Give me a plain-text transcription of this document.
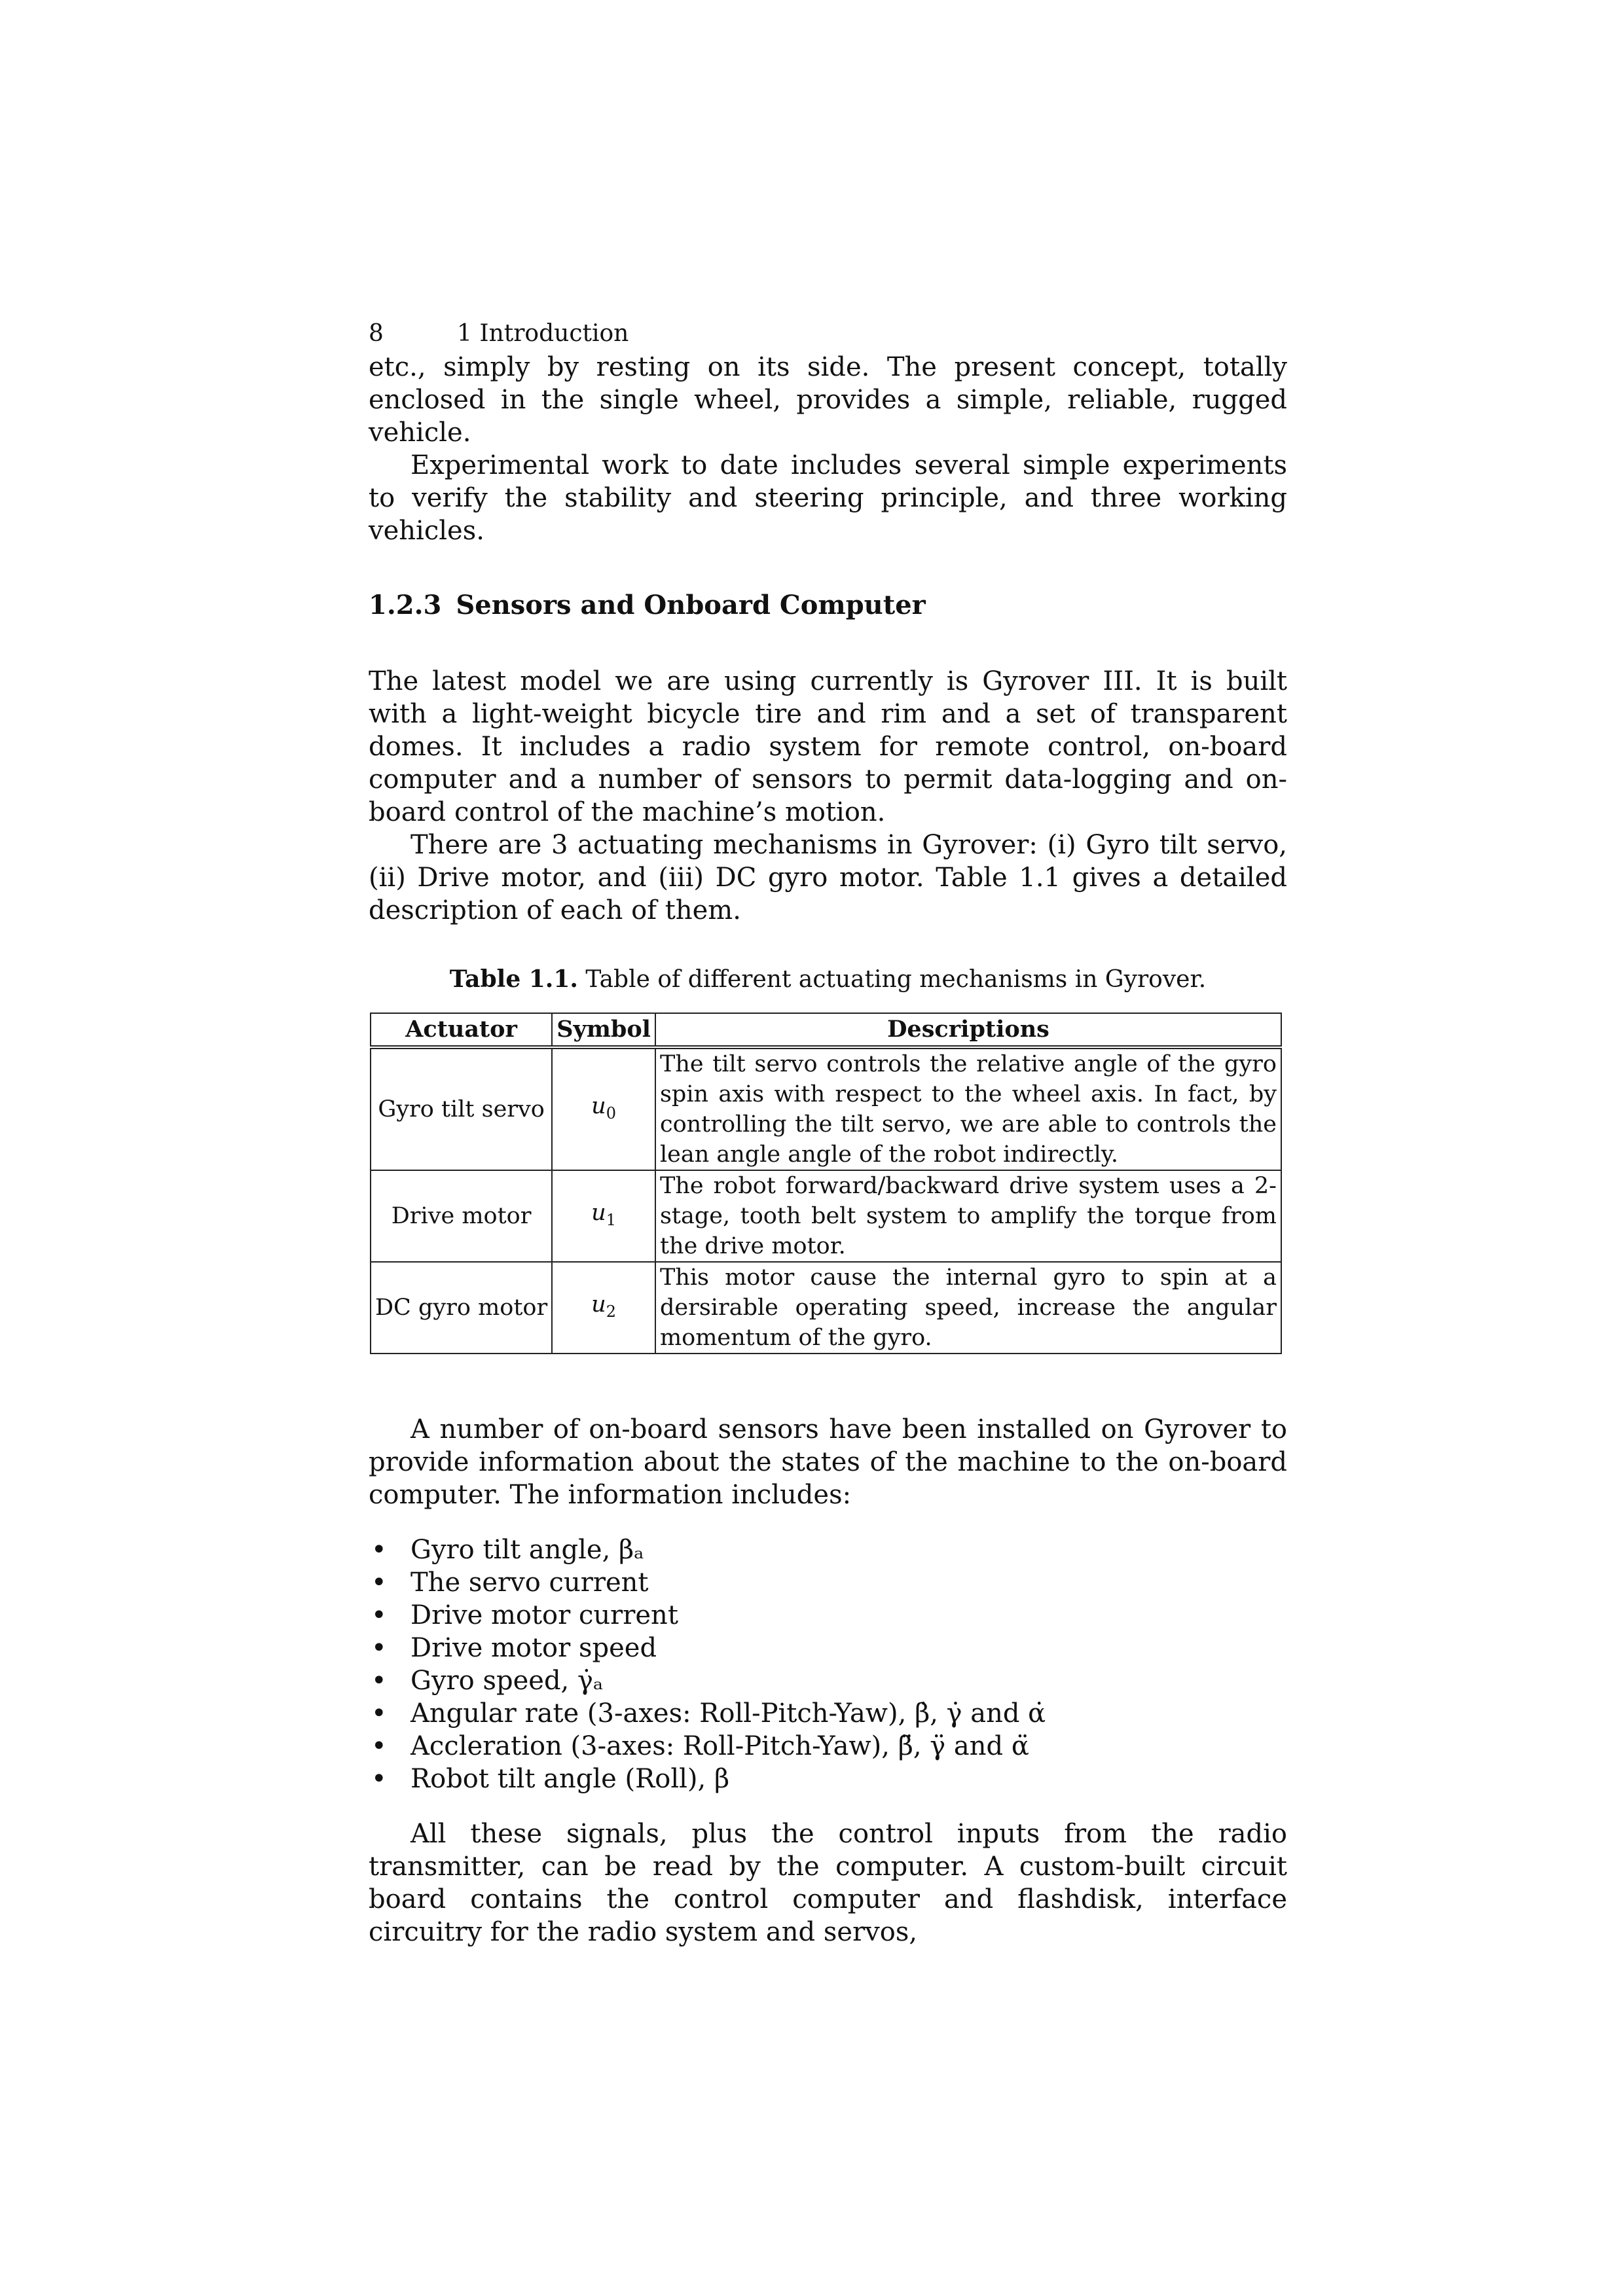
8	1 Introduction

etc., simply by resting on its side. The present concept, totally enclosed in the single wheel, provides a simple, reliable, rugged vehicle.

Experimental work to date includes several simple experiments to verify the stability and steering principle, and three working vehicles.

1.2.3 Sensors and Onboard Computer

The latest model we are using currently is Gyrover III. It is built with a light-weight bicycle tire and rim and a set of transparent domes. It includes a radio system for remote control, on-board computer and a number of sensors to permit data-logging and on-board control of the machine’s motion.

There are 3 actuating mechanisms in Gyrover: (i) Gyro tilt servo, (ii) Drive motor, and (iii) DC gyro motor. Table 1.1 gives a detailed description of each of them.

Table 1.1. Table of different actuating mechanisms in Gyrover.
Actuator	Symbol	Descriptions
Gyro tilt servo	$u_0$	The tilt servo controls the relative angle of the gyro spin axis with respect to the wheel axis. In fact, by controlling the tilt servo, we are able to controls the lean angle angle of the robot indirectly.
Drive motor	$u_1$	The robot forward/backward drive system uses a 2-stage, tooth belt system to amplify the torque from the drive motor.
DC gyro motor	$u_2$	This motor cause the internal gyro to spin at a dersirable operating speed, increase the angular momentum of the gyro.

A number of on-board sensors have been installed on Gyrover to provide information about the states of the machine to the on-board computer. The information includes:

• Gyro tilt angle, βₐ
• The servo current
• Drive motor current
• Drive motor speed
• Gyro speed, γ̇ₐ
• Angular rate (3-axes: Roll-Pitch-Yaw), β̇, γ̇ and α̇
• Accleration (3-axes: Roll-Pitch-Yaw), β̈, γ̈ and α̈
• Robot tilt angle (Roll), β

All these signals, plus the control inputs from the radio transmitter, can be read by the computer. A custom-built circuit board contains the control computer and flashdisk, interface circuitry for the radio system and servos,
